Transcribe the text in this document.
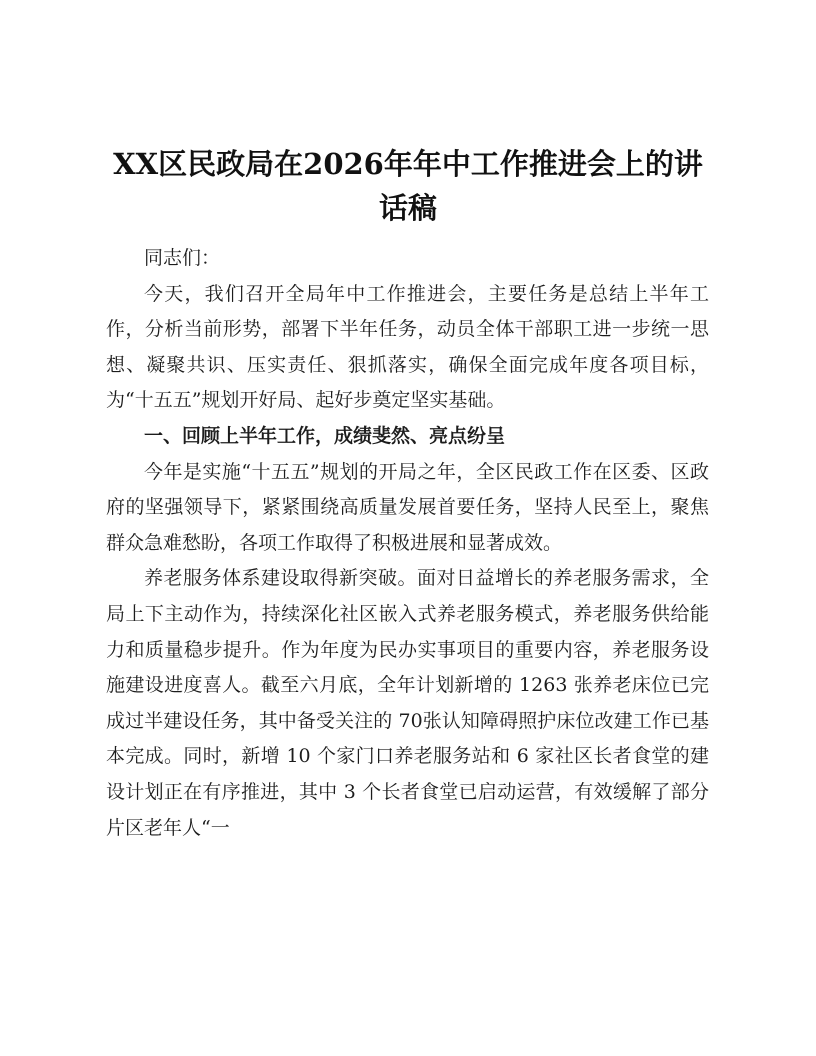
XX区民政局在2026年年中工作推进会上的讲话稿

同志们：

今天，我们召开全局年中工作推进会，主要任务是总结上半年工作，分析当前形势，部署下半年任务，动员全体干部职工进一步统一思想、凝聚共识、压实责任、狠抓落实，确保全面完成年度各项目标，为“十五五”规划开好局、起好步奠定坚实基础。

一、回顾上半年工作，成绩斐然、亮点纷呈

今年是实施“十五五”规划的开局之年，全区民政工作在区委、区政府的坚强领导下，紧紧围绕高质量发展首要任务，坚持人民至上，聚焦群众急难愁盼，各项工作取得了积极进展和显著成效。

养老服务体系建设取得新突破。面对日益增长的养老服务需求，全局上下主动作为，持续深化社区嵌入式养老服务模式，养老服务供给能力和质量稳步提升。作为年度为民办实事项目的重要内容，养老服务设施建设进度喜人。截至六月底，全年计划新增的 1263 张养老床位已完成过半建设任务，其中备受关注的 70张认知障碍照护床位改建工作已基本完成。同时，新增 10 个家门口养老服务站和 6 家社区长者食堂的建设计划正在有序推进，其中 3 个长者食堂已启动运营，有效缓解了部分片区老年人“一
